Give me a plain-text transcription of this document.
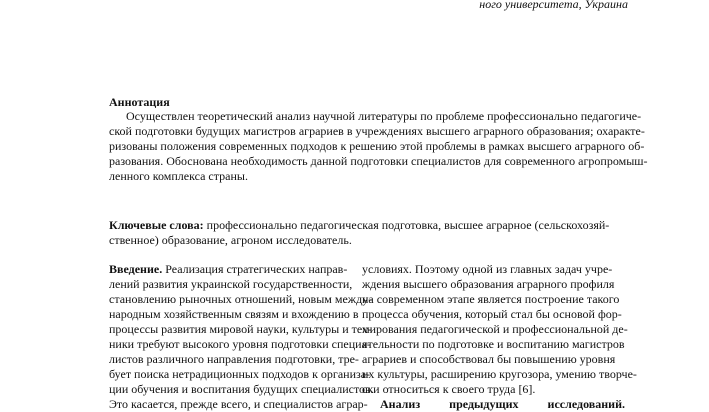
ного университета, Украина
Аннотация
Осуществлен теоретический анализ научной литературы по проблеме профессионально педагогиче-
ской подготовки будущих магистров аграриев в учреждениях высшего аграрного образования; охаракте-
ризованы положения современных подходов к решению этой проблемы в рамках высшего аграрного об-
разования. Обоснована необходимость данной подготовки специалистов для современного агропромыш-
ленного комплекса страны.
Ключевые слова: профессионально педагогическая подготовка, высшее аграрное (сельскохозяй-
ственное) образование, агроном исследователь.
Введение. Реализация стратегических направ-
лений развития украинской государственности,
становлению рыночных отношений, новым между-
народным хозяйственным связям и вхождению в
процессы развития мировой науки, культуры и тех-
ники требуют высокого уровня подготовки специа-
листов различного направления подготовки, тре-
бует поиска нетрадиционных подходов к организа-
ции обучения и воспитания будущих специалистов.
Это касается, прежде всего, и специалистов аграр-
условиях. Поэтому одной из главных задач учре-
ждения высшего образования аграрного профиля
на современном этапе является построение такого
процесса обучения, который стал бы основой фор-
мирования педагогической и профессиональной де-
ятельности по подготовке и воспитанию магистров
аграриев и способствовал бы повышению уровня
их культуры, расширению кругозора, умению творче-
ски относиться к своего труда [6].
Анализ предыдущих исследований.
